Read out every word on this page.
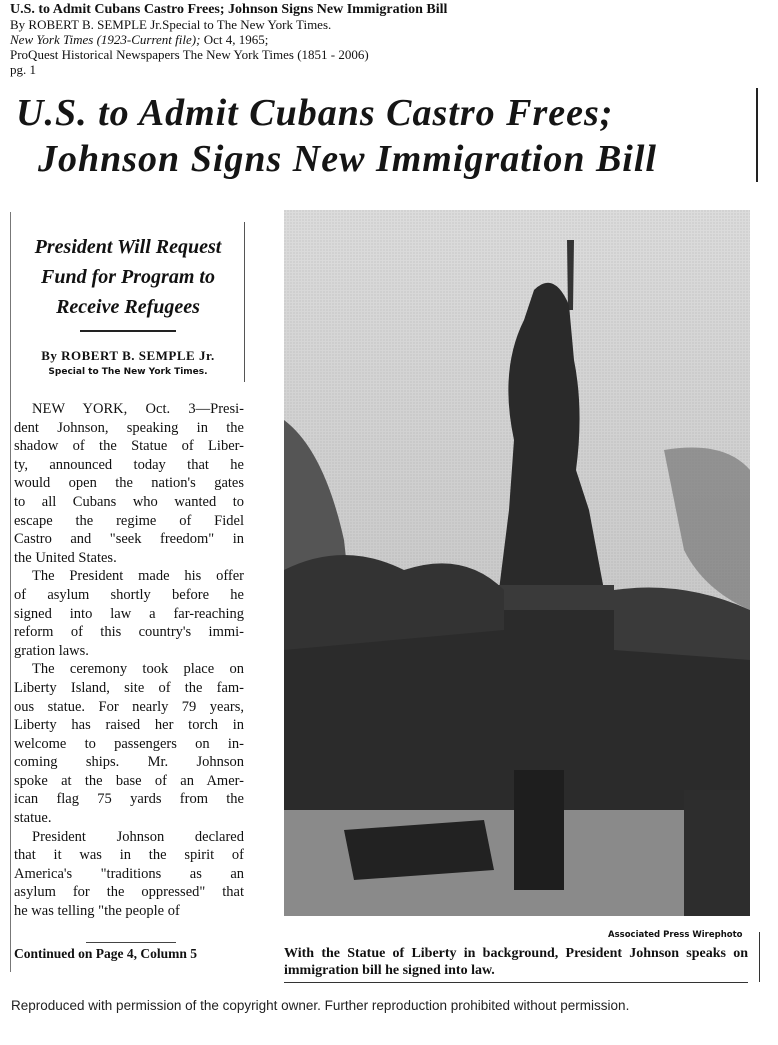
U.S. to Admit Cubans Castro Frees; Johnson Signs New Immigration Bill
By ROBERT B. SEMPLE Jr.Special to The New York Times.
New York Times (1923-Current file); Oct 4, 1965;
ProQuest Historical Newspapers The New York Times (1851 - 2006)
pg. 1
U.S. to Admit Cubans Castro Frees;
Johnson Signs New Immigration Bill
President Will Request
Fund for Program to
Receive Refugees
By ROBERT B. SEMPLE Jr.
Special to The New York Times.
NEW YORK, Oct. 3—Presi-
dent Johnson, speaking in the
shadow of the Statue of Liber-
ty, announced today that he
would open the nation's gates
to all Cubans who wanted to
escape the regime of Fidel
Castro and "seek freedom" in
the United States.
The President made his offer
of asylum shortly before he
signed into law a far-reaching
reform of this country's immi-
gration laws.
The ceremony took place on
Liberty Island, site of the fam-
ous statue. For nearly 79 years,
Liberty has raised her torch in
welcome to passengers on in-
coming ships. Mr. Johnson
spoke at the base of an Amer-
ican flag 75 yards from the
statue.
President Johnson declared
that it was in the spirit of
America's "traditions as an
asylum for the oppressed" that
he was telling "the people of
Continued on Page 4, Column 5
Associated Press Wirephoto
With the Statue of Liberty in background, President Johnson speaks on immigration bill he signed into law.
Reproduced with permission of the copyright owner. Further reproduction prohibited without permission.
